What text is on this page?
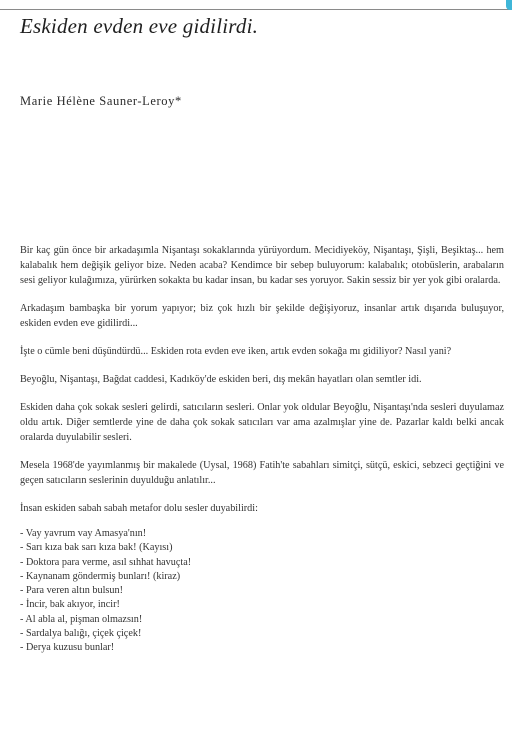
Eskiden evden eve gidilirdi.
Marie Hélène Sauner-Leroy*

Bir kaç gün önce bir arkadaşımla Nişantaşı sokaklarında yürüyordum. Mecidiyeköy, Nişantaşı, Şişli, Beşiktaş... hem kalabalık hem değişik geliyor bize. Neden acaba? Kendimce bir sebep buluyorum: kalabalık; otobüslerin, arabaların sesi geliyor kulağımıza, yürürken sokakta bu kadar insan, bu kadar ses yoruyor. Sakin sessiz bir yer yok gibi oralarda.

Arkadaşım bambaşka bir yorum yapıyor; biz çok hızlı bir şekilde değişiyoruz, insanlar artık dışarıda buluşuyor, eskiden evden eve gidilirdi...

İşte o cümle beni düşündürdü... Eskiden rota evden eve iken, artık evden sokağa mı gidiliyor? Nasıl yani?

Beyoğlu, Nişantaşı, Bağdat caddesi, Kadıköy'de eskiden beri, dış mekân hayatları olan semtler idi.

Eskiden daha çok sokak sesleri gelirdi, satıcıların sesleri. Onlar yok oldular Beyoğlu, Nişantaşı'nda sesleri duyulamaz oldu artık. Diğer semtlerde yine de daha çok sokak satıcıları var ama azalmışlar yine de. Pazarlar kaldı belki ancak oralarda duyulabilir sesleri.

Mesela 1968'de yayımlanmış bir makalede (Uysal, 1968) Fatih'te sabahları simitçi, sütçü, eskici, sebzeci geçtiğini ve geçen satıcıların seslerinin duyulduğu anlatılır...

İnsan eskiden sabah sabah metafor dolu sesler duyabilirdi:

- Vay yavrum vay Amasya'nın!
- Sarı kıza bak sarı kıza bak! (Kayısı)
- Doktora para verme, asıl sıhhat havuçta!
- Kaynanam göndermiş bunları! (kiraz)
- Para veren altın bulsun!
- İncir, bak akıyor, incir!
- Al abla al, pişman olmazsın!
- Sardalya balığı, çiçek çiçek!
- Derya kuzusu bunlar!
